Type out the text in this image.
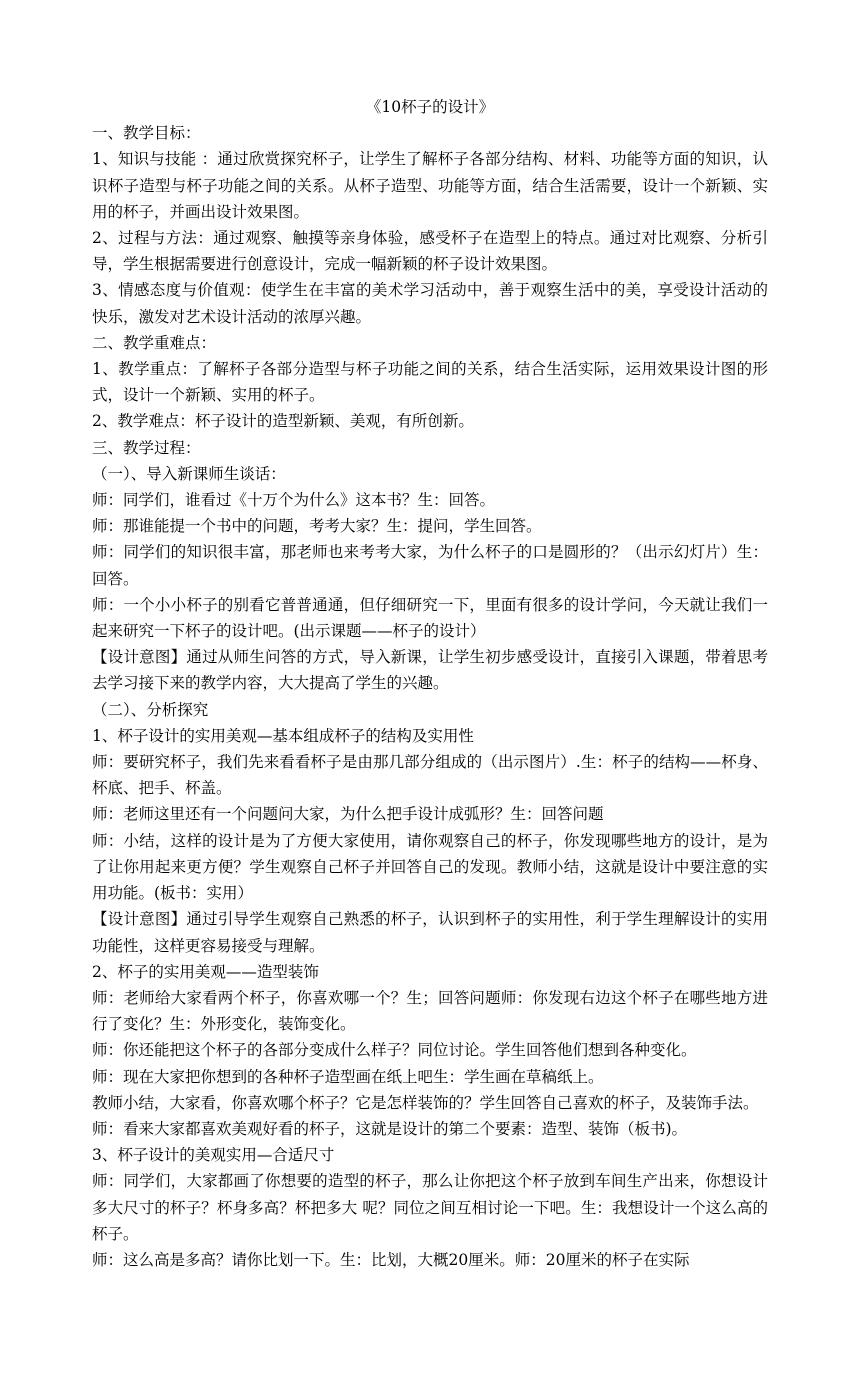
《10杯子的设计》

一、教学目标：

1、知识与技能 ：通过欣赏探究杯子，让学生了解杯子各部分结构、材料、功能等方面的知识，认识杯子造型与杯子功能之间的关系。从杯子造型、功能等方面，结合生活需要，设计一个新颖、实用的杯子，并画出设计效果图。

2、过程与方法：通过观察、触摸等亲身体验，感受杯子在造型上的特点。通过对比观察、分析引导，学生根据需要进行创意设计，完成一幅新颖的杯子设计效果图。

3、情感态度与价值观：使学生在丰富的美术学习活动中，善于观察生活中的美，享受设计活动的快乐，激发对艺术设计活动的浓厚兴趣。

二、教学重难点：

1、教学重点：了解杯子各部分造型与杯子功能之间的关系，结合生活实际，运用效果设计图的形式，设计一个新颖、实用的杯子。

2、教学难点：杯子设计的造型新颖、美观，有所创新。

三、教学过程：

（一）、导入新课师生谈话：

师：同学们，谁看过《十万个为什么》这本书？生：回答。

师：那谁能提一个书中的问题，考考大家？生：提问，学生回答。

师：同学们的知识很丰富，那老师也来考考大家，为什么杯子的口是圆形的？（出示幻灯片）生：回答。

师：一个小小杯子的别看它普普通通，但仔细研究一下，里面有很多的设计学问，今天就让我们一起来研究一下杯子的设计吧。(出示课题——杯子的设计）

【设计意图】通过从师生问答的方式，导入新课，让学生初步感受设计，直接引入课题，带着思考去学习接下来的教学内容，大大提高了学生的兴趣。

（二）、分析探究

1、杯子设计的实用美观—基本组成杯子的结构及实用性

师：要研究杯子，我们先来看看杯子是由那几部分组成的（出示图片）.生：杯子的结构——杯身、杯底、把手、杯盖。

师：老师这里还有一个问题问大家，为什么把手设计成弧形？生：回答问题

师：小结，这样的设计是为了方便大家使用，请你观察自己的杯子，你发现哪些地方的设计，是为了让你用起来更方便？学生观察自己杯子并回答自己的发现。教师小结，这就是设计中要注意的实用功能。(板书：实用）

【设计意图】通过引导学生观察自己熟悉的杯子，认识到杯子的实用性，利于学生理解设计的实用功能性，这样更容易接受与理解。

2、杯子的实用美观——造型装饰

师：老师给大家看两个杯子，你喜欢哪一个？生；回答问题师：你发现右边这个杯子在哪些地方进行了变化？生：外形变化，装饰变化。

师：你还能把这个杯子的各部分变成什么样子？同位讨论。学生回答他们想到各种变化。

师：现在大家把你想到的各种杯子造型画在纸上吧生：学生画在草稿纸上。

教师小结，大家看，你喜欢哪个杯子？它是怎样装饰的？学生回答自己喜欢的杯子，及装饰手法。

师：看来大家都喜欢美观好看的杯子，这就是设计的第二个要素：造型、装饰（板书)。

3、杯子设计的美观实用—合适尺寸

师：同学们，大家都画了你想要的造型的杯子，那么让你把这个杯子放到车间生产出来，你想设计多大尺寸的杯子？杯身多高？杯把多大 呢？同位之间互相讨论一下吧。生：我想设计一个这么高的杯子。

师：这么高是多高？请你比划一下。生：比划，大概20厘米。师：20厘米的杯子在实际
